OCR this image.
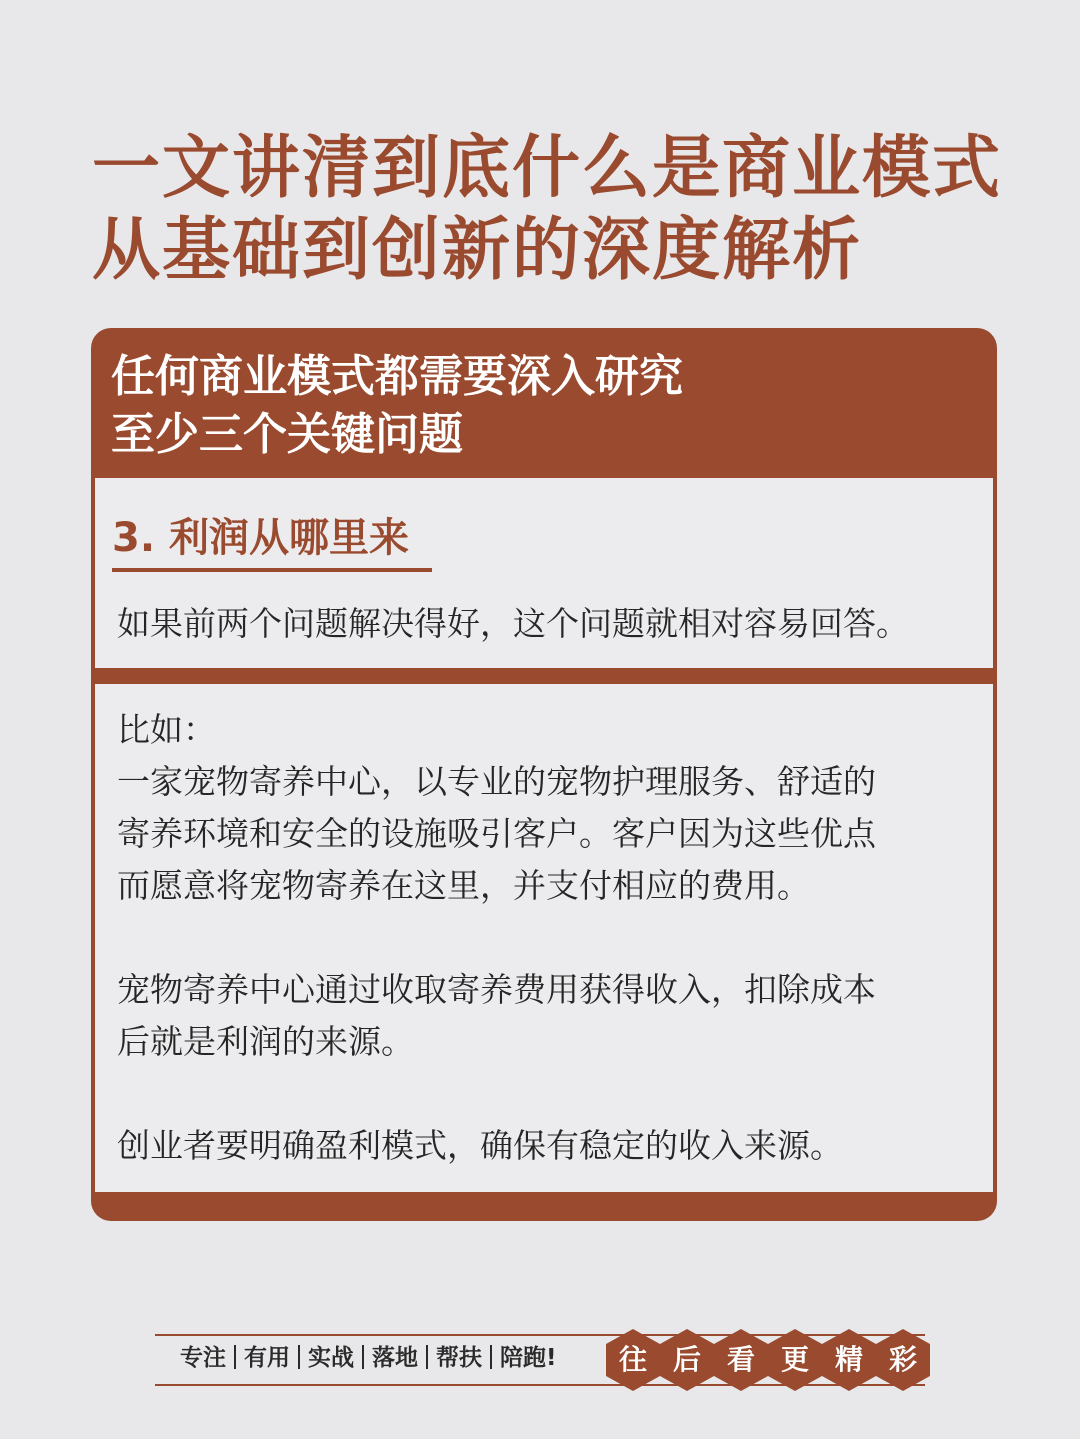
一文讲清到底什么是商业模式
从基础到创新的深度解析
任何商业模式都需要深入研究
至少三个关键问题
3. 利润从哪里来
如果前两个问题解决得好，这个问题就相对容易回答。
比如：
一家宠物寄养中心，以专业的宠物护理服务、舒适的
寄养环境和安全的设施吸引客户。客户因为这些优点
而愿意将宠物寄养在这里，并支付相应的费用。
宠物寄养中心通过收取寄养费用获得收入，扣除成本
后就是利润的来源。
创业者要明确盈利模式，确保有稳定的收入来源。
专注 有用 实战 落地 帮扶 陪跑!	往 后 看 更 精 彩
